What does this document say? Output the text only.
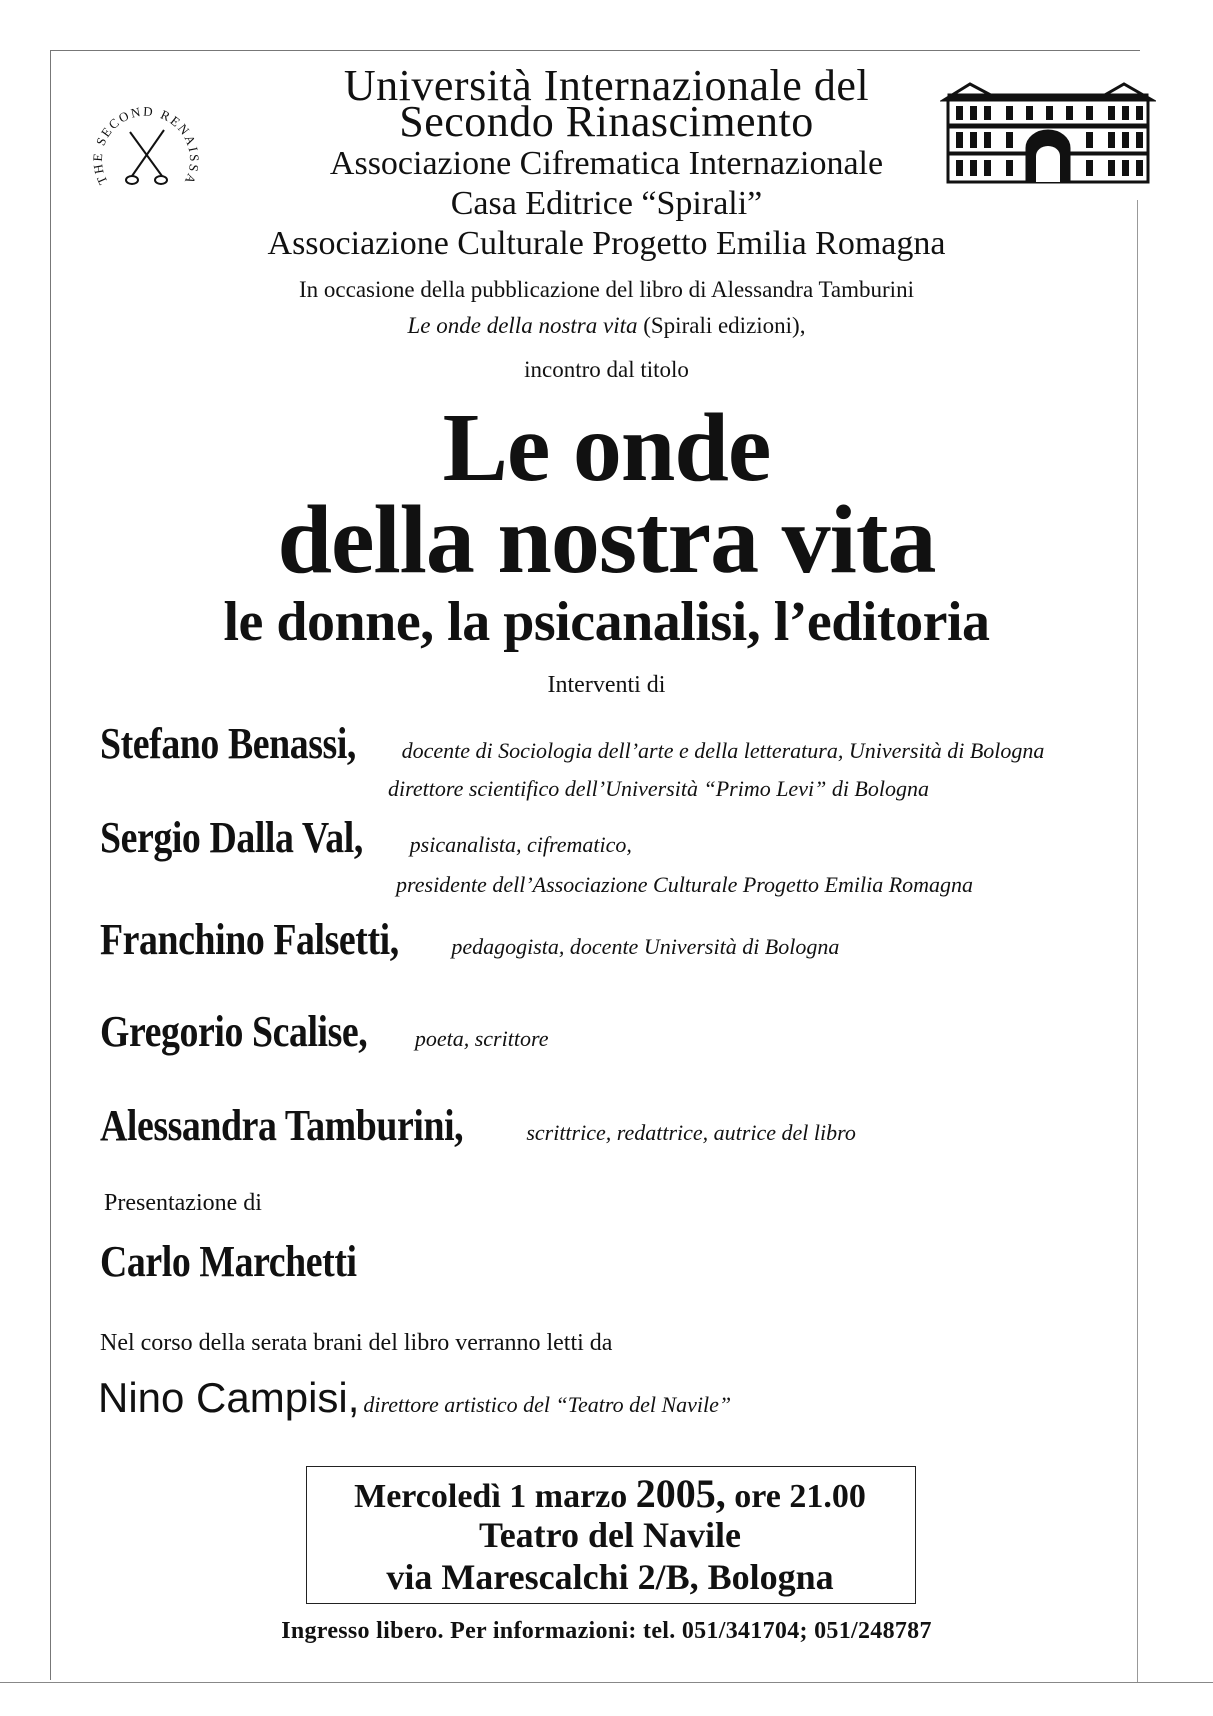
THE SECOND RENAISSA
Università Internazionale del
Secondo Rinascimento
Associazione Cifrematica Internazionale
Casa Editrice “Spirali”
Associazione Culturale Progetto Emilia Romagna
In occasione della pubblicazione del libro di Alessandra Tamburini
Le onde della nostra vita (Spirali edizioni),
incontro dal titolo
Le onde
della nostra vita
le donne, la psicanalisi, l’editoria
Interventi di
Stefano Benassi, docente di Sociologia dell’arte e della letteratura, Università di Bologna
direttore scientifico dell’Università “Primo Levi” di Bologna
Sergio Dalla Val, psicanalista, cifrematico,
presidente dell’Associazione Culturale Progetto Emilia Romagna
Franchino Falsetti, pedagogista, docente Università di Bologna
Gregorio Scalise, poeta, scrittore
Alessandra Tamburini,	scrittrice, redattrice, autrice del libro
Presentazione di
Carlo Marchetti
Nel corso della serata brani del libro verranno letti da
Nino Campisi, direttore artistico del “Teatro del Navile”
Mercoledì 1 marzo 2005, ore 21.00
Teatro del Navile
via Marescalchi 2/B, Bologna
Ingresso libero. Per informazioni: tel. 051/341704; 051/248787
